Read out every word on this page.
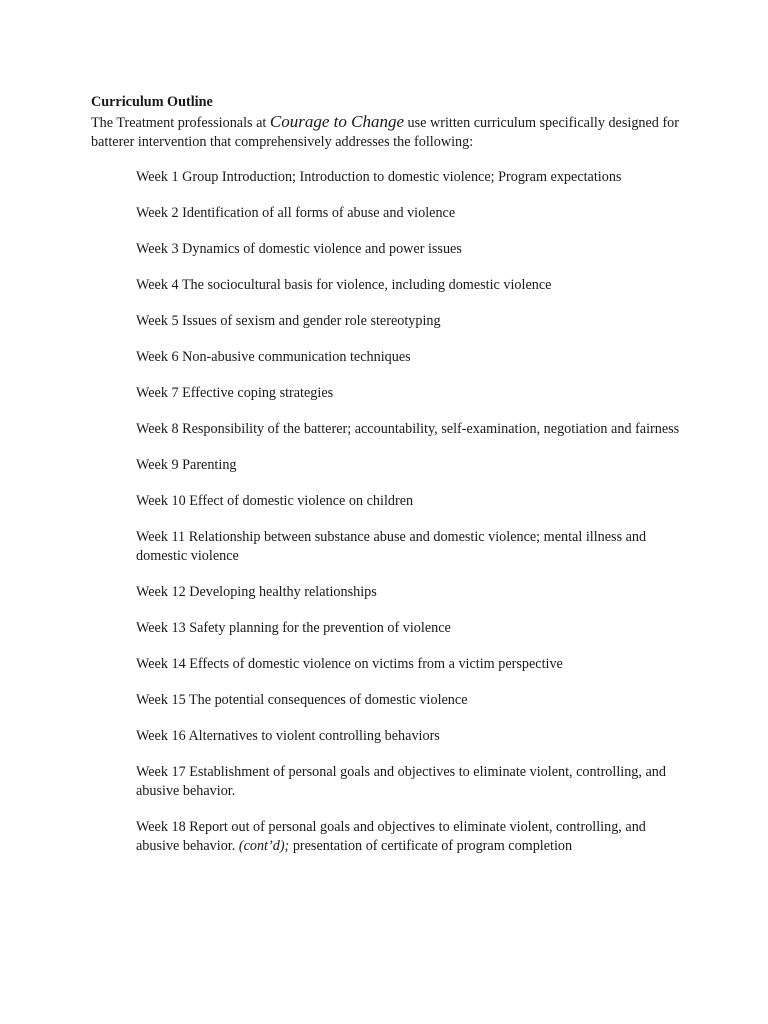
Curriculum Outline

The Treatment professionals at Courage to Change use written curriculum specifically designed for batterer intervention that comprehensively addresses the following:

Week 1 Group Introduction; Introduction to domestic violence; Program expectations
Week 2 Identification of all forms of abuse and violence
Week 3 Dynamics of domestic violence and power issues
Week 4 The sociocultural basis for violence, including domestic violence
Week 5 Issues of sexism and gender role stereotyping
Week 6 Non-abusive communication techniques
Week 7 Effective coping strategies
Week 8 Responsibility of the batterer; accountability, self-examination, negotiation and fairness
Week 9 Parenting
Week 10 Effect of domestic violence on children
Week 11 Relationship between substance abuse and domestic violence; mental illness and domestic violence
Week 12 Developing healthy relationships
Week 13 Safety planning for the prevention of violence
Week 14 Effects of domestic violence on victims from a victim perspective
Week 15 The potential consequences of domestic violence
Week 16 Alternatives to violent controlling behaviors
Week 17 Establishment of personal goals and objectives to eliminate violent, controlling, and abusive behavior.
Week 18 Report out of personal goals and objectives to eliminate violent, controlling, and abusive behavior. (cont’d); presentation of certificate of program completion
